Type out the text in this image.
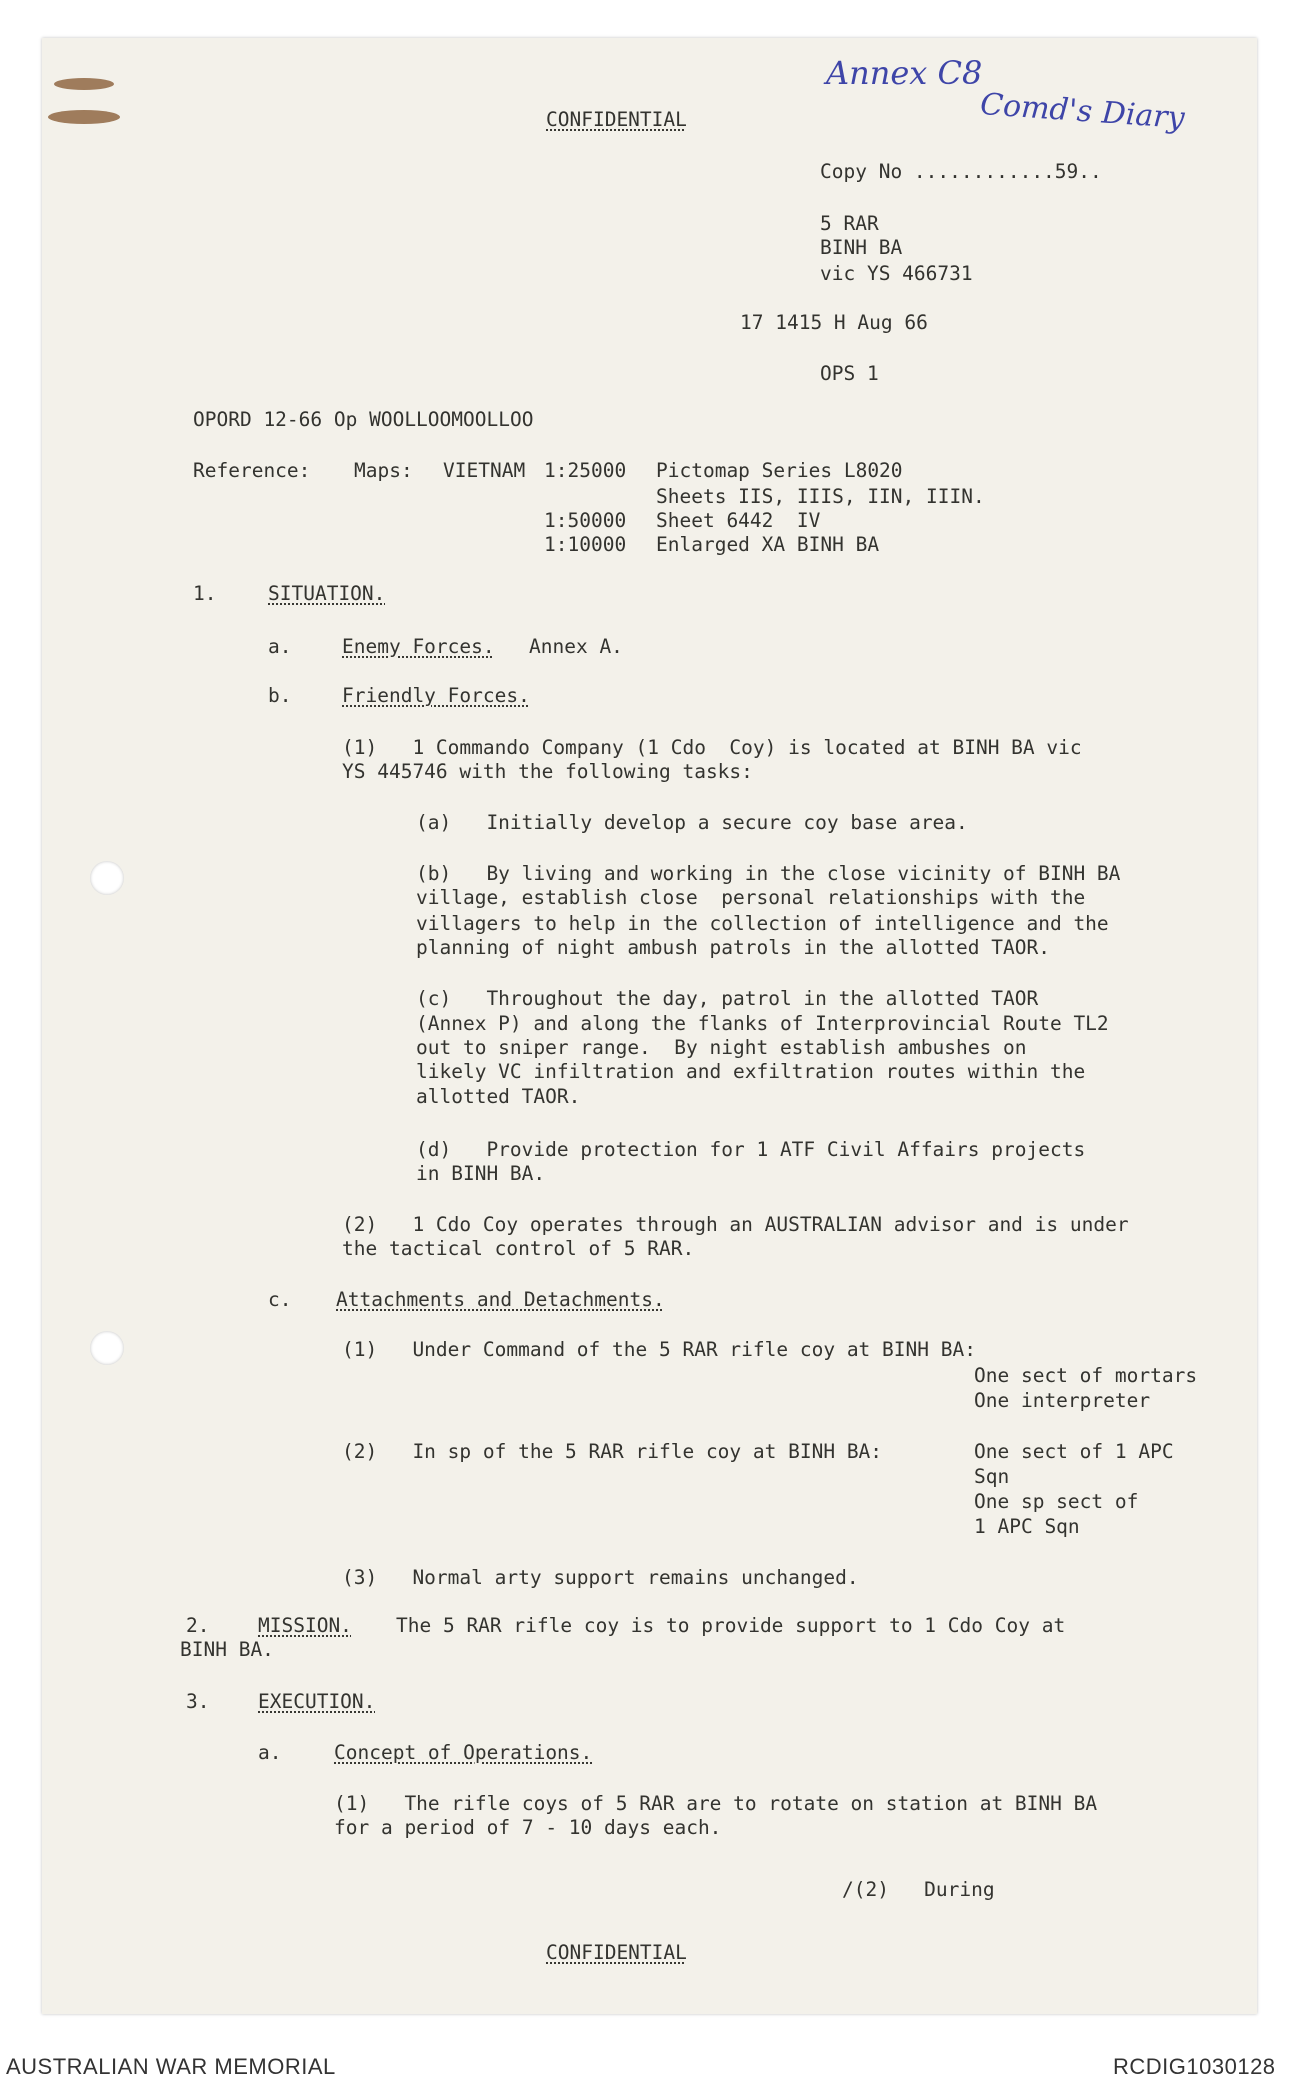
Annex C8
Comd's Diary
CONFIDENTIAL
Copy No ............59..
5 RAR
BINH BA
vic YS 466731
17 1415 H Aug 66
OPS 1
OPORD 12-66 Op WOOLLOOMOOLLOO
Reference: Maps: VIETNAM 1:25000 Pictomap Series L8020
Sheets IIS, IIIS, IIN, IIIN.
1:50000 Sheet 6442  IV
1:10000 Enlarged XA BINH BA
1.	SITUATION.
a.	Enemy Forces. Annex A.
b.	Friendly Forces.
(1)   1 Commando Company (1 Cdo  Coy) is located at BINH BA vic
YS 445746 with the following tasks:
(a)   Initially develop a secure coy base area.
(b)   By living and working in the close vicinity of BINH BA
village, establish close  personal relationships with the
villagers to help in the collection of intelligence and the
planning of night ambush patrols in the allotted TAOR.
(c)   Throughout the day, patrol in the allotted TAOR
(Annex P) and along the flanks of Interprovincial Route TL2
out to sniper range.  By night establish ambushes on
likely VC infiltration and exfiltration routes within the
allotted TAOR.
(d)   Provide protection for 1 ATF Civil Affairs projects
in BINH BA.
(2)   1 Cdo Coy operates through an AUSTRALIAN advisor and is under
the tactical control of 5 RAR.
c. Attachments and Detachments.
(1)   Under Command of the 5 RAR rifle coy at BINH BA:
One sect of mortars
One interpreter
(2)   In sp of the 5 RAR rifle coy at BINH BA:	One sect of 1 APC
Sqn
One sp sect of
1 APC Sqn
(3)   Normal arty support remains unchanged.
2. MISSION. The 5 RAR rifle coy is to provide support to 1 Cdo Coy at
BINH BA.
3. EXECUTION.
a.	Concept of Operations.
(1)   The rifle coys of 5 RAR are to rotate on station at BINH BA
for a period of 7 - 10 days each.
/(2)   During
CONFIDENTIAL
AUSTRALIAN WAR MEMORIAL	RCDIG1030128
